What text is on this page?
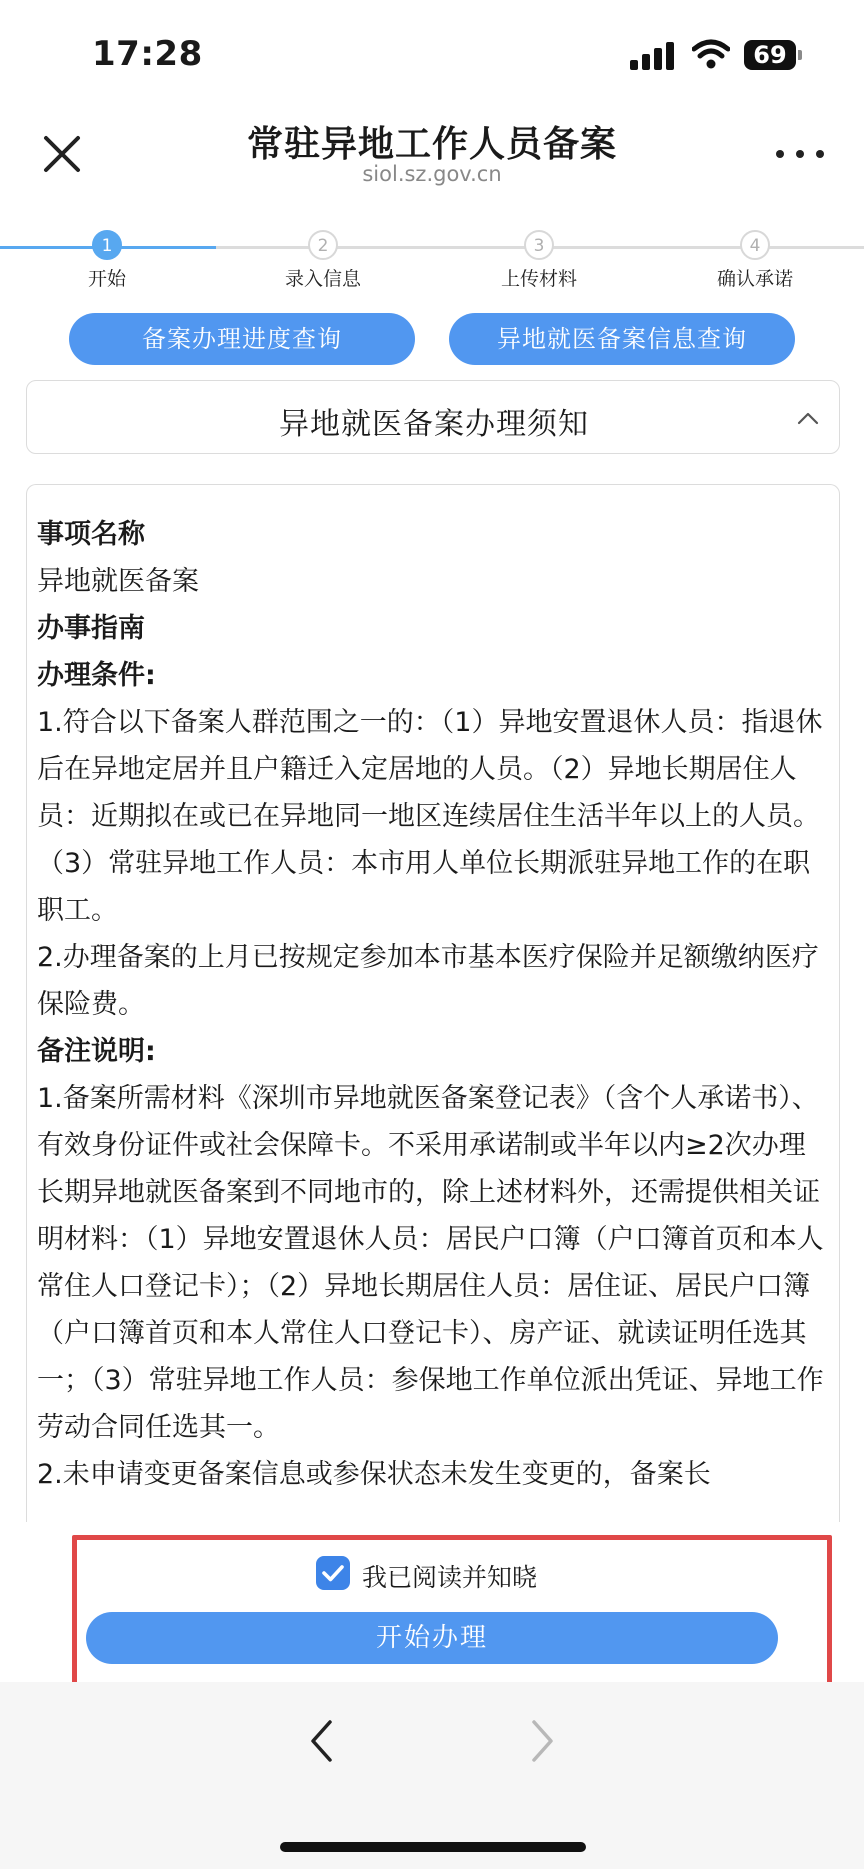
17:28	69
常驻异地工作人员备案
siol.sz.gov.cn
1
开始
2
录入信息
3
上传材料
4
确认承诺
备案办理进度查询	异地就医备案信息查询
异地就医备案办理须知
事项名称
异地就医备案
办事指南
办理条件:
1.符合以下备案人群范围之一的：（1）异地安置退休人员：指退休后在异地定居并且户籍迁入定居地的人员。（2）异地长期居住人员：近期拟在或已在异地同一地区连续居住生活半年以上的人员。（3）常驻异地工作人员：本市用人单位长期派驻异地工作的在职职工。
2.办理备案的上月已按规定参加本市基本医疗保险并足额缴纳医疗保险费。
备注说明:
1.备案所需材料《深圳市异地就医备案登记表》（含个人承诺书）、有效身份证件或社会保障卡。不采用承诺制或半年以内≥2次办理长期异地就医备案到不同地市的，除上述材料外，还需提供相关证明材料：（1）异地安置退休人员：居民户口簿（户口簿首页和本人常住人口登记卡）；（2）异地长期居住人员：居住证、居民户口簿（户口簿首页和本人常住人口登记卡）、房产证、就读证明任选其一；（3）常驻异地工作人员：参保地工作单位派出凭证、异地工作劳动合同任选其一。
2.未申请变更备案信息或参保状态未发生变更的，备案长
我已阅读并知晓
开始办理
